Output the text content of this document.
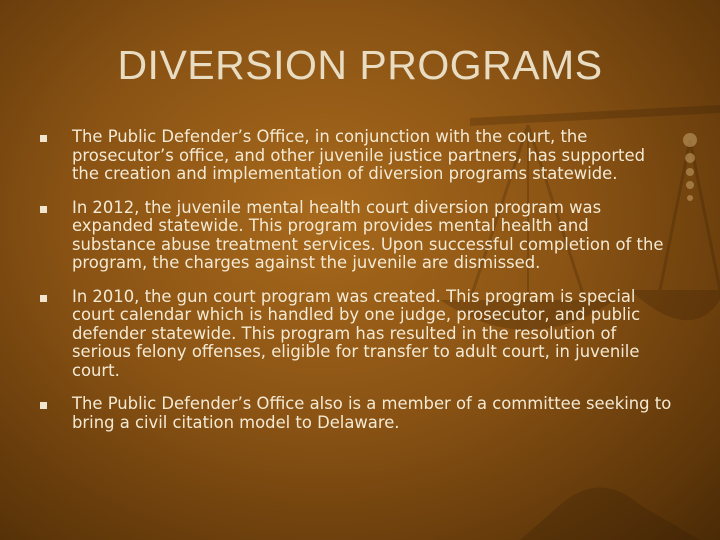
DIVERSION PROGRAMS
The Public Defender’s Office, in conjunction with the court, the prosecutor’s office, and other juvenile justice partners, has supported the creation and implementation of diversion programs statewide.
In 2012, the juvenile mental health court diversion program was expanded statewide. This program provides mental health and substance abuse treatment services. Upon successful completion of the program, the charges against the juvenile are dismissed.
In 2010, the gun court program was created. This program is special court calendar which is handled by one judge, prosecutor, and public defender statewide. This program has resulted in the resolution of serious felony offenses, eligible for transfer to adult court, in juvenile court.
The Public Defender’s Office also is a member of a committee seeking to bring a civil citation model to Delaware.
